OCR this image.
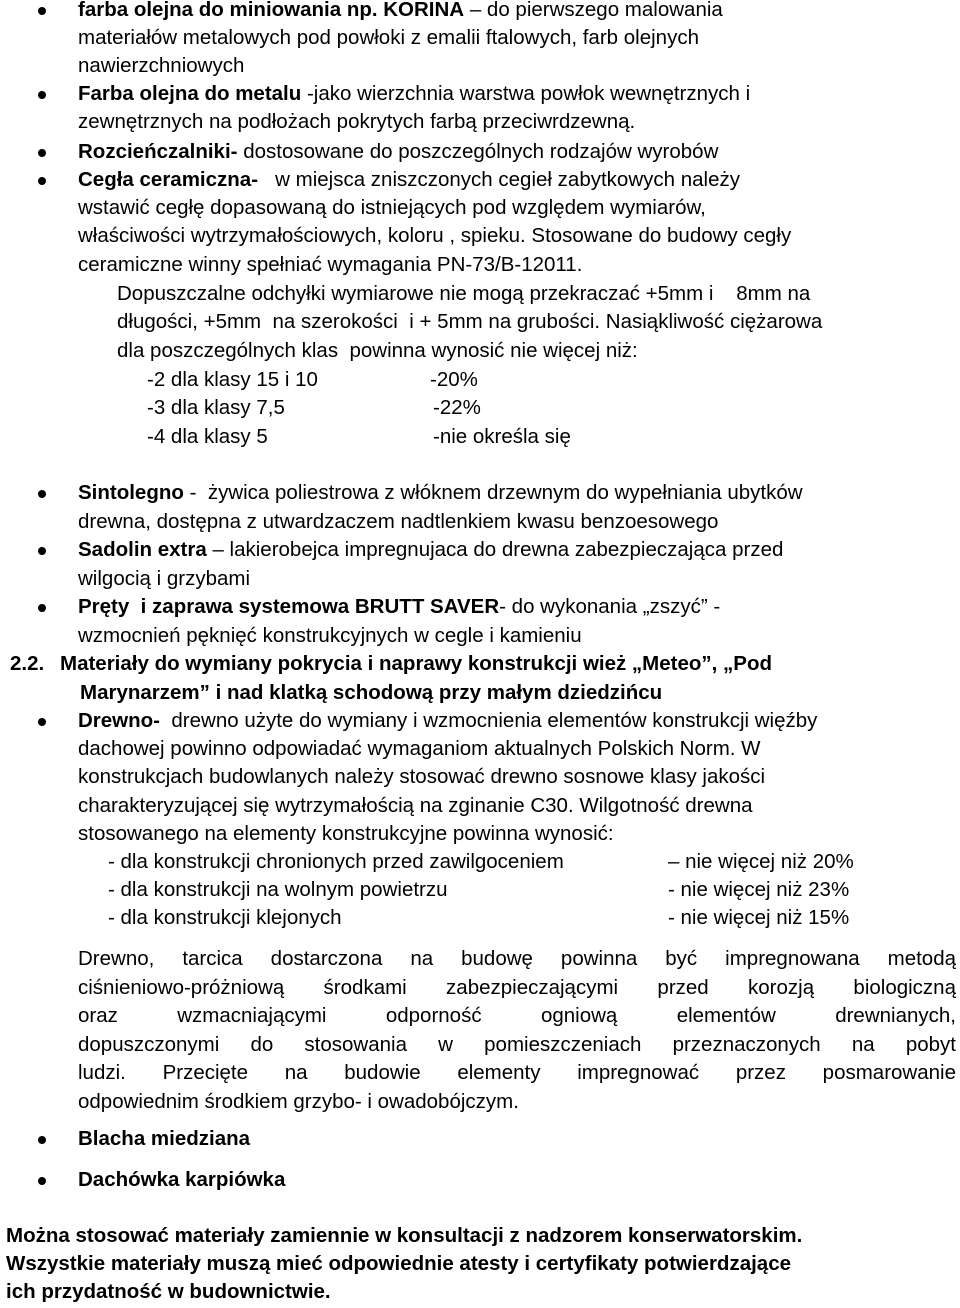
farba olejna do miniowania np. KORINA – do pierwszego malowania
materiałów metalowych pod powłoki z emalii ftalowych, farb olejnych
nawierzchniowych
Farba olejna do metalu -jako wierzchnia warstwa powłok wewnętrznych i
zewnętrznych na podłożach pokrytych farbą przeciwrdzewną.
Rozcieńczalniki- dostosowane do poszczególnych rodzajów wyrobów
Cegła ceramiczna-   w miejsca zniszczonych cegieł zabytkowych należy
wstawić cegłę dopasowaną do istniejących pod względem wymiarów,
właściwości wytrzymałościowych, koloru , spieku. Stosowane do budowy cegły
ceramiczne winny spełniać wymagania PN-73/B-12011.
Dopuszczalne odchyłki wymiarowe nie mogą przekraczać +5mm i    8mm na
długości, +5mm  na szerokości  i + 5mm na grubości. Nasiąkliwość ciężarowa
dla poszczególnych klas  powinna wynosić nie więcej niż:
-2 dla klasy 15 i 10	-20%
-3 dla klasy 7,5	-22%
-4 dla klasy 5	-nie określa się
Sintolegno -  żywica poliestrowa z włóknem drzewnym do wypełniania ubytków
drewna, dostępna z utwardzaczem nadtlenkiem kwasu benzoesowego
Sadolin extra – lakierobejca impregnujaca do drewna zabezpieczająca przed
wilgocią i grzybami
Pręty  i zaprawa systemowa BRUTT SAVER- do wykonania „zszyć” -
wzmocnień pęknięć konstrukcyjnych w cegle i kamieniu
2.2. Materiały do wymiany pokrycia i naprawy konstrukcji wież „Meteo”, „Pod
Marynarzem” i nad klatką schodową przy małym dziedzińcu
Drewno-  drewno użyte do wymiany i wzmocnienia elementów konstrukcji więźby
dachowej powinno odpowiadać wymaganiom aktualnych Polskich Norm. W
konstrukcjach budowlanych należy stosować drewno sosnowe klasy jakości
charakteryzującej się wytrzymałością na zginanie C30. Wilgotność drewna
stosowanego na elementy konstrukcyjne powinna wynosić:
- dla konstrukcji chronionych przed zawilgoceniem	– nie więcej niż 20%
- dla konstrukcji na wolnym powietrzu	- nie więcej niż 23%
- dla konstrukcji klejonych	- nie więcej niż 15%
Drewno, tarcica dostarczona na budowę powinna być impregnowana metodą
ciśnieniowo-próżniową środkami zabezpieczającymi przed korozją biologiczną
oraz wzmacniającymi odporność ogniową elementów drewnianych,
dopuszczonymi do stosowania w pomieszczeniach przeznaczonych na pobyt
ludzi. Przecięte na budowie elementy impregnować przez posmarowanie
odpowiednim środkiem grzybo- i owadobójczym.
Blacha miedziana
Dachówka karpiówka
Można stosować materiały zamiennie w konsultacji z nadzorem konserwatorskim.
Wszystkie materiały muszą mieć odpowiednie atesty i certyfikaty potwierdzające
ich przydatność w budownictwie.
